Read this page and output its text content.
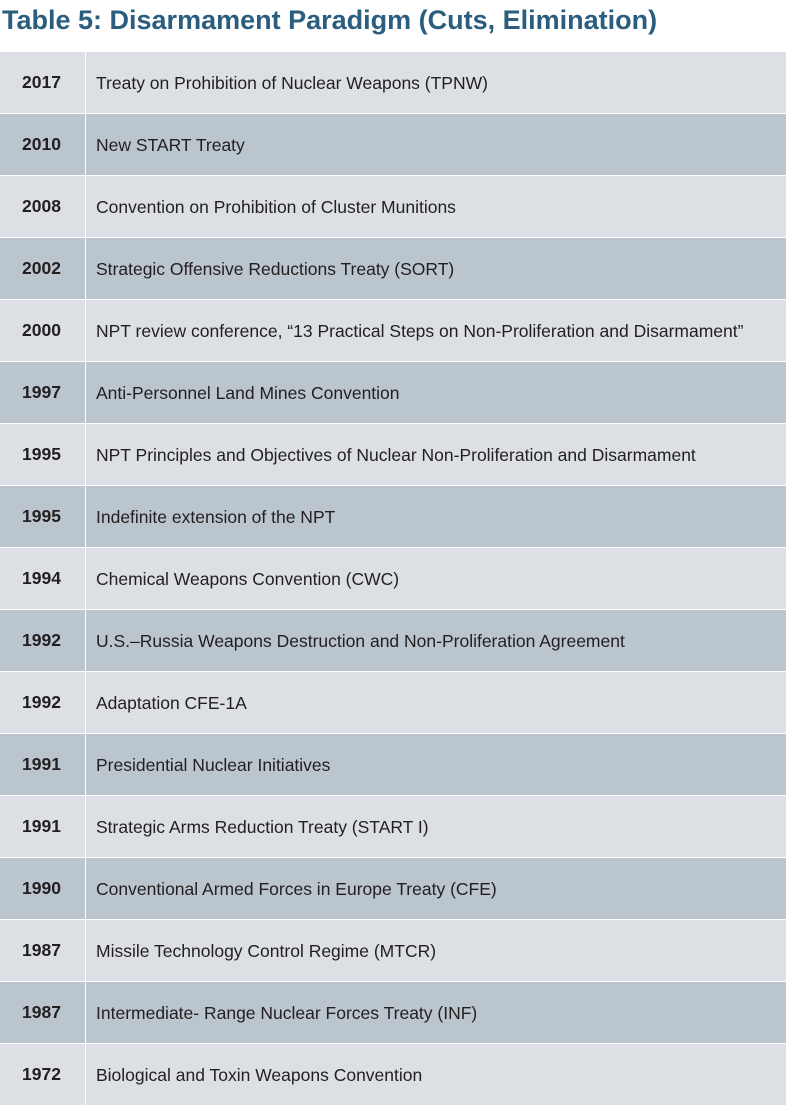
Table 5: Disarmament Paradigm (Cuts, Elimination)
2017	Treaty on Prohibition of Nuclear Weapons (TPNW)
2010	New START Treaty
2008	Convention on Prohibition of Cluster Munitions
2002	Strategic Offensive Reductions Treaty (SORT)
2000	NPT review conference, “13 Practical Steps on Non-Proliferation and Disarmament”
1997	Anti-Personnel Land Mines Convention
1995	NPT Principles and Objectives of Nuclear Non-Proliferation and Disarmament
1995	Indefinite extension of the NPT
1994	Chemical Weapons Convention (CWC)
1992	U.S.–Russia Weapons Destruction and Non-Proliferation Agreement
1992	Adaptation CFE-1A
1991	Presidential Nuclear Initiatives
1991	Strategic Arms Reduction Treaty (START I)
1990	Conventional Armed Forces in Europe Treaty (CFE)
1987	Missile Technology Control Regime (MTCR)
1987	Intermediate- Range Nuclear Forces Treaty (INF)
1972	Biological and Toxin Weapons Convention
